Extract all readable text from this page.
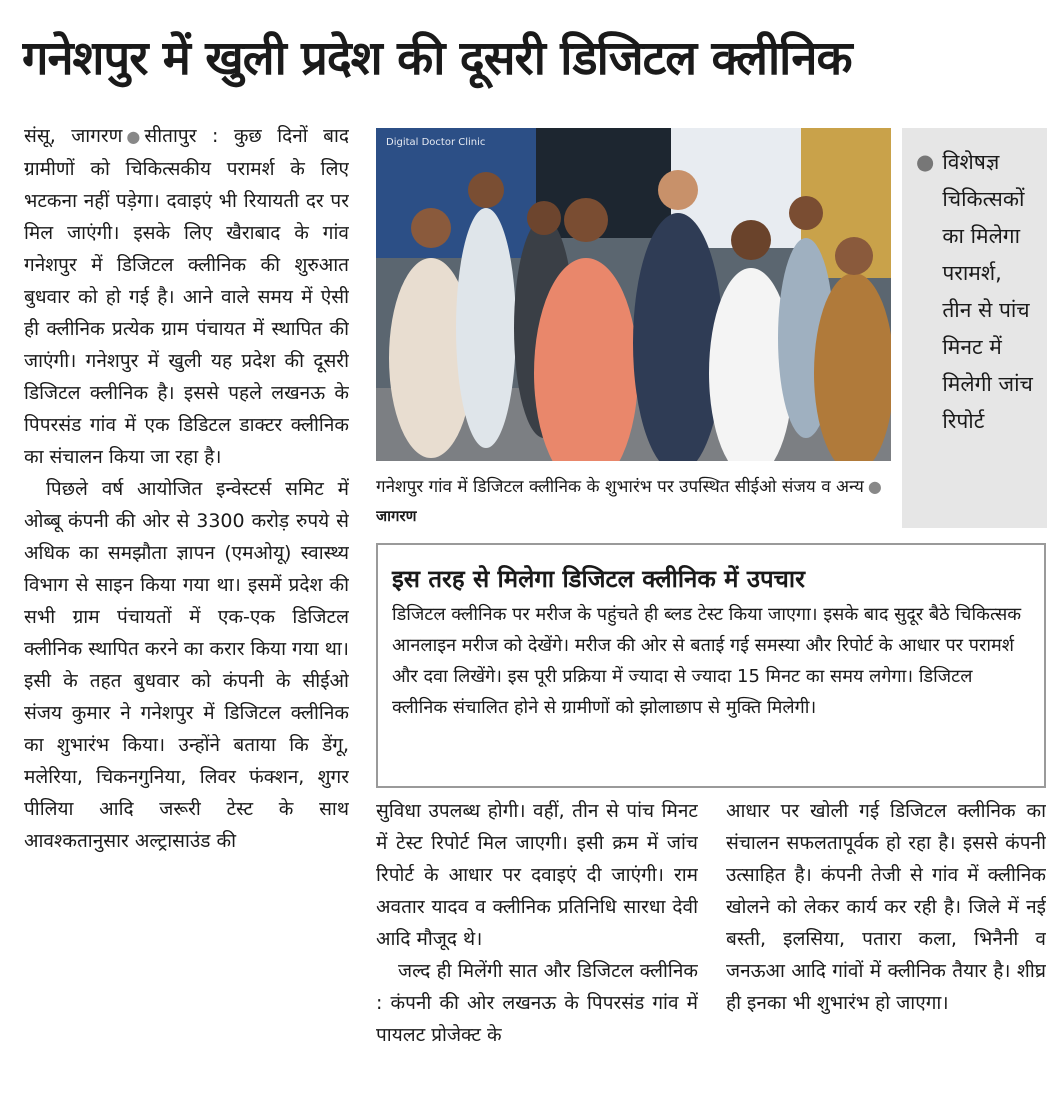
गनेशपुर में खुली प्रदेश की दूसरी डिजिटल क्लीनिक

संसू, जागरण ● सीतापुर : कुछ दिनों बाद ग्रामीणों को चिकित्सकीय परामर्श के लिए भटकना नहीं पड़ेगा। दवाइएं भी रियायती दर पर मिल जाएंगी। इसके लिए खैराबाद के गांव गनेशपुर में डिजिटल क्लीनिक की शुरुआत बुधवार को हो गई है। आने वाले समय में ऐसी ही क्लीनिक प्रत्येक ग्राम पंचायत में स्थापित की जाएंगी। गनेशपुर में खुली यह प्रदेश की दूसरी डिजिटल क्लीनिक है। इससे पहले लखनऊ के पिपरसंड गांव में एक डिडिटल डाक्टर क्लीनिक का संचालन किया जा रहा है।

पिछले वर्ष आयोजित इन्वेस्टर्स समिट में ओब्बू कंपनी की ओर से 3300 करोड़ रुपये से अधिक का समझौता ज्ञापन (एमओयू) स्वास्थ्य विभाग से साइन किया गया था। इसमें प्रदेश की सभी ग्राम पंचायतों में एक-एक डिजिटल क्लीनिक स्थापित करने का करार किया गया था। इसी के तहत बुधवार को कंपनी के सीईओ संजय कुमार ने गनेशपुर में डिजिटल क्लीनिक का शुभारंभ किया। उन्होंने बताया कि डेंगू, मलेरिया, चिकनगुनिया, लिवर फंक्शन, शुगर पीलिया आदि जरूरी टेस्ट के साथ आवश्कतानुसार अल्ट्रासाउंड की

Digital Doctor Clinic
गनेशपुर गांव में डिजिटल क्लीनिक के शुभारंभ पर उपस्थित सीईओ संजय व अन्य ●जागरण
● विशेषज्ञ चिकित्सकों का मिलेगा परामर्श, तीन से पांच मिनट में मिलेगी जांच रिपोर्ट
इस तरह से मिलेगा डिजिटल क्लीनिक में उपचार
डिजिटल क्लीनिक पर मरीज के पहुंचते ही ब्लड टेस्ट किया जाएगा। इसके बाद सुदूर बैठे चिकित्सक आनलाइन मरीज को देखेंगे। मरीज की ओर से बताई गई समस्या और रिपोर्ट के आधार पर परामर्श और दवा लिखेंगे। इस पूरी प्रक्रिया में ज्यादा से ज्यादा 15 मिनट का समय लगेगा। डिजिटल क्लीनिक संचालित होने से ग्रामीणों को झोलाछाप से मुक्ति मिलेगी।

सुविधा उपलब्ध होगी। वहीं, तीन से पांच मिनट में टेस्ट रिपोर्ट मिल जाएगी। इसी क्रम में जांच रिपोर्ट के आधार पर दवाइएं दी जाएंगी। राम अवतार यादव व क्लीनिक प्रतिनिधि सारधा देवी आदि मौजूद थे।

जल्द ही मिलेंगी सात और डिजिटल क्लीनिक : कंपनी की ओर लखनऊ के पिपरसंड गांव में पायलट प्रोजेक्ट के

आधार पर खोली गई डिजिटल क्लीनिक का संचालन सफलतापूर्वक हो रहा है। इससे कंपनी उत्साहित है। कंपनी तेजी से गांव में क्लीनिक खोलने को लेकर कार्य कर रही है। जिले में नई बस्ती, इलसिया, पतारा कला, भिनैनी व जनऊआ आदि गांवों में क्लीनिक तैयार है। शीघ्र ही इनका भी शुभारंभ हो जाएगा।
